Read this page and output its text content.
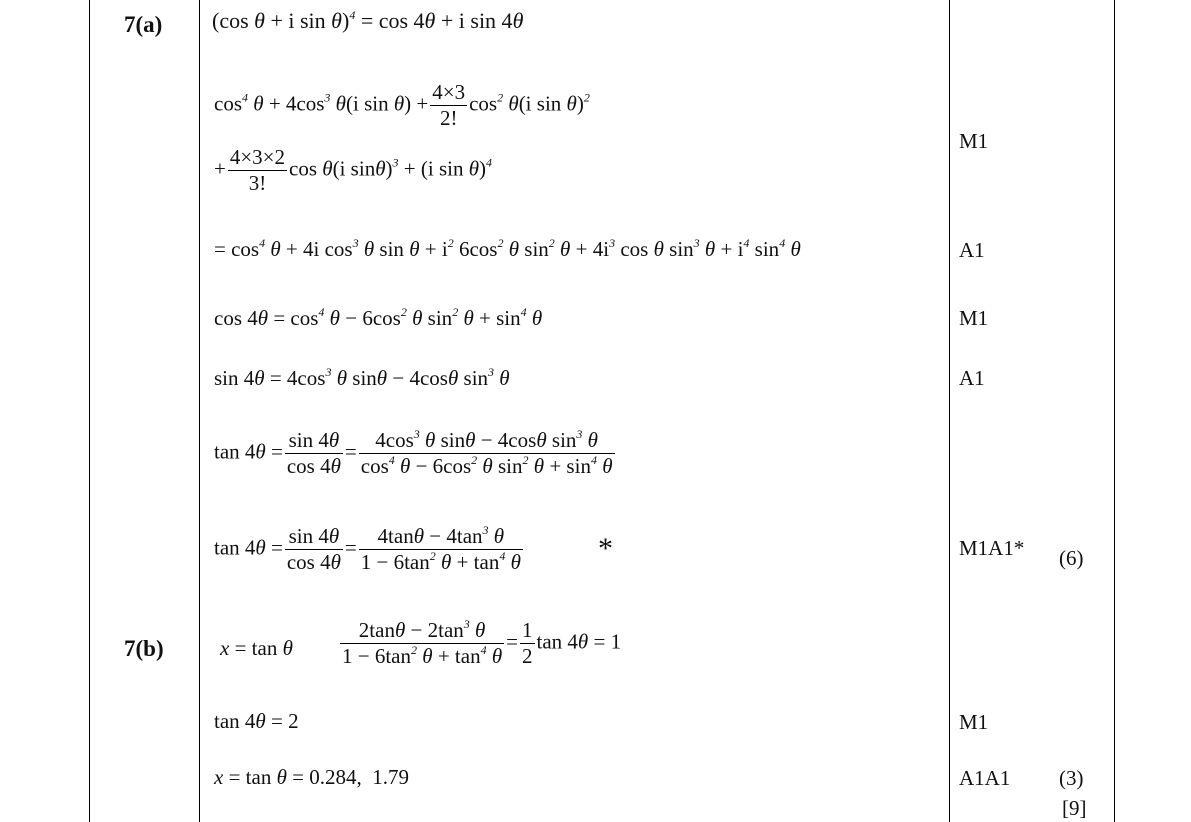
7(a) (cos θ + i sin θ)$^4$ = cos 4θ + i sin 4θ
$\cos^4 \theta + 4\cos^3$ θ(i $\sin \theta) + \frac{4\times 3}{2!} \cos^2 \theta(i$ sin θ)$^2$
+ $\frac{4\times 3\times 2}{3!}$ cos θ(i sinθ)$^3$ + (i sin θ)$^4$
= $\cos^4 \theta + 4i$ $\cos^3 \theta$ $\sin \theta + i^2$ $6\cos^2$ θ $\sin^2 \theta + 4i^3$ cos θ $\sin^3 \theta + i^4$ $\sin^4 \theta$
$\cos 4\theta = \cos^4 \theta - 6\cos^2$ θ $\sin^2 \theta + \sin^4 \theta$
$\sin 4\theta = 4\cos^3$ θ sinθ − 4cosθ $\sin^3 \theta$
$\tan 4\theta = \frac{\sin 4\theta}{\cos 4\theta} = \frac{4\cos^3 \theta \sin\theta - 4\cos\theta \sin^3 \theta}{\cos^4 \theta - 6\cos^2 \theta \sin^2 \theta + \sin^4 \theta}$
$\tan 4\theta = \frac{\sin 4\theta}{\cos 4\theta} = \frac{4\tan\theta - 4\tan^3 \theta}{1 - 6\tan^2 \theta + \tan^4 \theta}$	*
M1
A1
M1
A1
M1A1* (6)
7(b)	x = tan θ $\frac{2\tan\theta - 2\tan^3 \theta}{1 - 6\tan^2 \theta + \tan^4 \theta} = \frac{1}{2}$ tan 4θ = 1
tan 4θ = 2
x = tan θ = 0.284,  1.79
M1
A1A1 (3)
[9]
